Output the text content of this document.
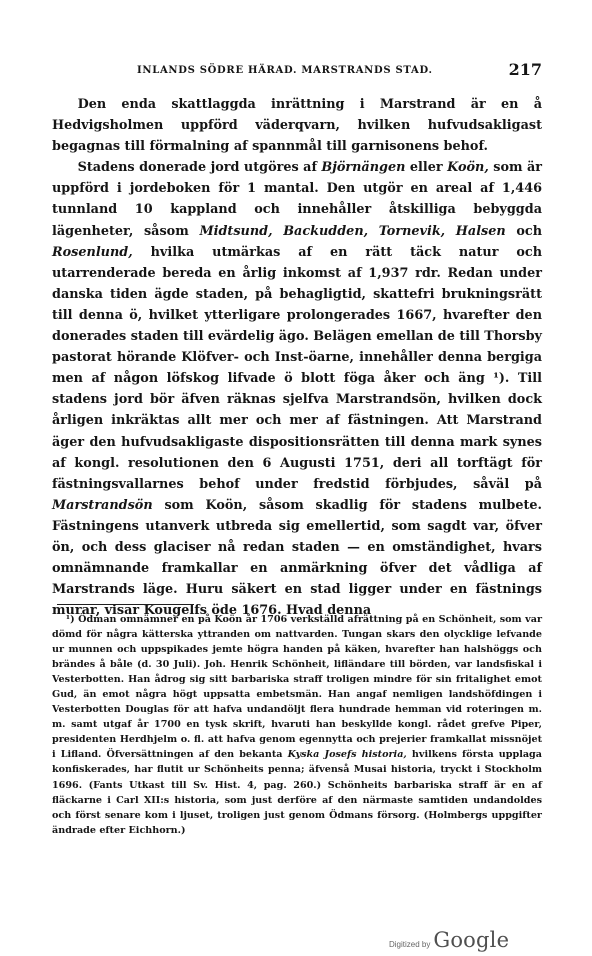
INLANDS SÖDRE HÄRAD. MARSTRANDS STAD.	217

Den enda skattlaggda inrättning i Marstrand är en å Hedvigsholmen uppförd väderqvarn, hvilken hufvudsakligast begagnas till förmalning af spannmål till garnisonens behof.

Stadens donerade jord utgöres af Björnängen eller Koön, som är uppförd i jordeboken för 1 mantal. Den utgör en areal af 1,446 tunnland 10 kappland och innehåller åtskilliga bebyggda lägenheter, såsom Midtsund, Backudden, Tornevik, Halsen och Rosenlund, hvilka utmärkas af en rätt täck natur och utarrenderade bereda en årlig inkomst af 1,937 rdr. Redan under danska tiden ägde staden, på behagligtid, skattefri brukningsrätt till denna ö, hvilket ytterligare prolongerades 1667, hvarefter den donerades staden till evärdelig ägo. Belägen emellan de till Thorsby pastorat hörande Klöfver- och Inst-öarne, innehåller denna bergiga men af någon löfskog lifvade ö blott föga åker och äng ¹). Till stadens jord bör äfven räknas sjelfva Marstrandsön, hvilken dock årligen inkräktas allt mer och mer af fästningen. Att Marstrand äger den hufvudsakligaste dispositionsrätten till denna mark synes af kongl. resolutionen den 6 Augusti 1751, deri all torftägt för fästningsvallarnes behof under fredstid förbjudes, såväl på Marstrandsön som Koön, såsom skadlig för stadens mulbete. Fästningens utanverk utbreda sig emellertid, som sagdt var, öfver ön, och dess glaciser nå redan staden — en omständighet, hvars omnämnande framkallar en anmärkning öfver det vådliga af Marstrands läge. Huru säkert en stad ligger under en fästnings murar, visar Kougelfs öde 1676. Hvad denna

¹) Ödman omnämner en på Koön år 1706 verkställd afrättning på en Schönheit, som var dömd för några kätterska yttranden om nattvarden. Tungan skars den olycklige lefvande ur munnen och uppspikades jemte högra handen på käken, hvarefter han halshöggs och brändes å båle (d. 30 Juli). Joh. Henrik Schönheit, lifländare till börden, var landsfiskal i Vesterbotten. Han ådrog sig sitt barbariska straff troligen mindre för sin fritalighet emot Gud, än emot några högt uppsatta embetsmän. Han angaf nemligen landshöfdingen i Vesterbotten Douglas för att hafva undandöljt flera hundrade hemman vid roteringen m. m. samt utgaf år 1700 en tysk skrift, hvaruti han beskyllde kongl. rådet grefve Piper, presidenten Herdhjelm o. fl. att hafva genom egennytta och prejerier framkallat missnöjet i Lifland. Öfversättningen af den bekanta Kyska Josefs historia, hvilkens första upplaga konfiskerades, har flutit ur Schönheits penna; äfvenså Musai historia, tryckt i Stockholm 1696. (Fants Utkast till Sv. Hist. 4, pag. 260.) Schönheits barbariska straff är en af fläckarne i Carl XII:s historia, som just derföre af den närmaste samtiden undandoldes och först senare kom i ljuset, troligen just genom Ödmans försorg. (Holmbergs uppgifter ändrade efter Eichhorn.)

Digitized by Google
